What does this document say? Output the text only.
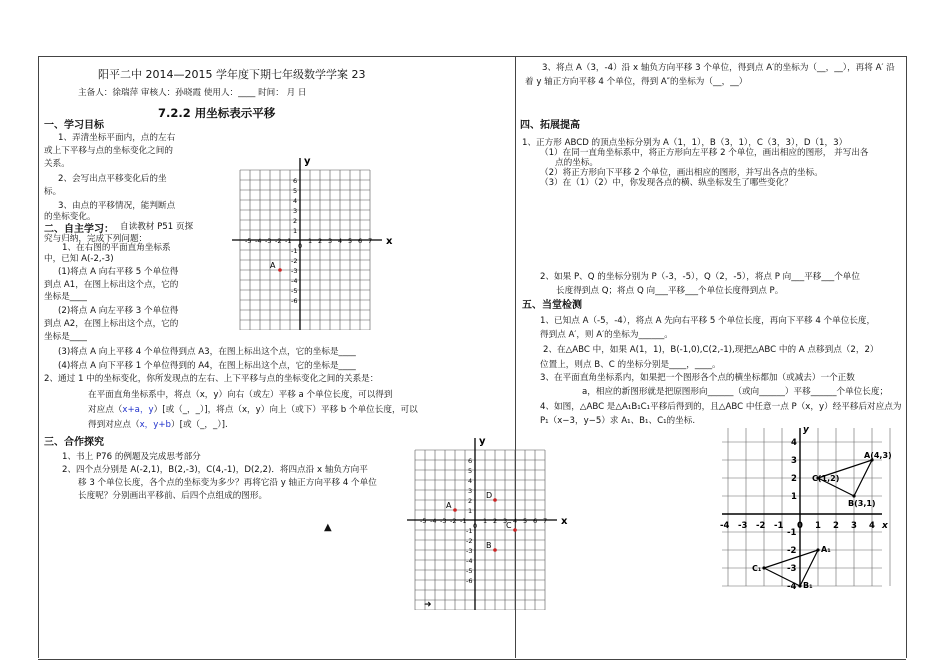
阳平二中 2014—2015 学年度下期七年级数学学案 23
主备人：徐瑞萍 审核人：孙晓霞 使用人：____ 时间： 月 日
7.2.2 用坐标表示平移
一、学习目标
1、弄清坐标平面内，点的左右
或上下平移与点的坐标变化之间的
关系。
2、会写出点平移变化后的坐
标。
3、由点的平移情况，能判断点
的坐标变化。
二、自主学习： 自读教材 P51 页探
究与归纳，完成下列问题：
1、在右图的平面直角坐标系
中，已知 A(-2,-3)
(1)将点 A 向右平移 5 个单位得
到点 A1，在图上标出这个点，它的
坐标是____
(2)将点 A 向左平移 3 个单位得
到点 A2，在图上标出这个点，它的
坐标是____
(3)将点 A 向上平移 4 个单位得到点 A3，在图上标出这个点，它的坐标是____
(4)将点 A 向下平移 1 个单位得到的 A4，在图上标出这个点，它的坐标是____
2、通过 1 中的坐标变化，你所发现点的左右、上下平移与点的坐标变化之间的关系是：
在平面直角坐标系中，将点（x，y）向右（或左）平移 a 个单位长度，可以得到
对应点（x+a，y）[或（_，_）]，将点（x，y）向上（或下）平移 b 个单位长度，可以
得到对应点（x，y+b）[或（_，_）].
三、合作探究
1、书上 P76 的例题及完成思考部分
2、四个点分别是 A(-2,1)，B(2,-3)，C(4,-1)，D(2,2)．将四点沿 x 轴负方向平
移 3 个单位长度，各个点的坐标变为多少？再将它沿 y 轴正方向平移 4 个单位
长度呢？分别画出平移前、后四个点组成的图形。
▲
x
y
-5 -4 -3 -2 -1
0
1 2 3 4 5 6 7
6
5
4
3
2
1
-1
-2
-3
-4
-5
-6
A
x
y
-5 -4 -3 -2 -1
0
1 2 3 4 5 6 7
6
5
4
3
2
1
-1
-2
-3
-4
-5
-6
A
B
C
D
➜
3、将点 A（3，-4）沿 x 轴负方向平移 3 个单位，得到点 A′的坐标为（__，__），再将 A′ 沿
着 y 轴正方向平移 4 个单位，得到 A″的坐标为（__，__）
四、拓展提高
1、正方形 ABCD 的顶点坐标分别为 A（1，1），B（3，1），C（3，3），D（1，3）
（1）在同一直角坐标系中，将正方形向左平移 2 个单位，画出相应的图形， 并写出各
点的坐标。
（2）将正方形向下平移 2 个单位，画出相应的图形，并写出各点的坐标。
（3）在（1）（2）中，你发现各点的横、纵坐标发生了哪些变化？
2、如果 P、Q 的坐标分别为 P（-3，-5），Q（2，-5），将点 P 向___平移___个单位
长度得到点 Q；将点 Q 向___平移___个单位长度得到点 P。
五、当堂检测
1、已知点 A（-5，-4），将点 A 先向右平移 5 个单位长度，再向下平移 4 个单位长度，
得到点 A′，则 A′的坐标为______。
2、在△ABC 中，如果 A(1，1)，B(-1,0),C(2,-1),现把△ABC 中的 A 点移到点（2，2）
位置上，则点 B、C 的坐标分别是____，____。
3、在平面直角坐标系内，如果把一个图形各个点的横坐标都加（或减去）一个正数
a，相应的新图形就是把原图形向______（或向______）平移______个单位长度；
4、如图，△ABC 是△A₁B₁C₁平移后得到的，且△ABC 中任意一点 P（x，y）经平移后对应点为
P₁（x−3，y−5）求 A₁、B₁、C₁的坐标.
x
y
-4 -3 -2 -1 0 1 2 3 4
4
3
2
1
-1
-2
-3
-4
A(4,3)
B(3,1)
C(1,2)
A₁
B₁
C₁
